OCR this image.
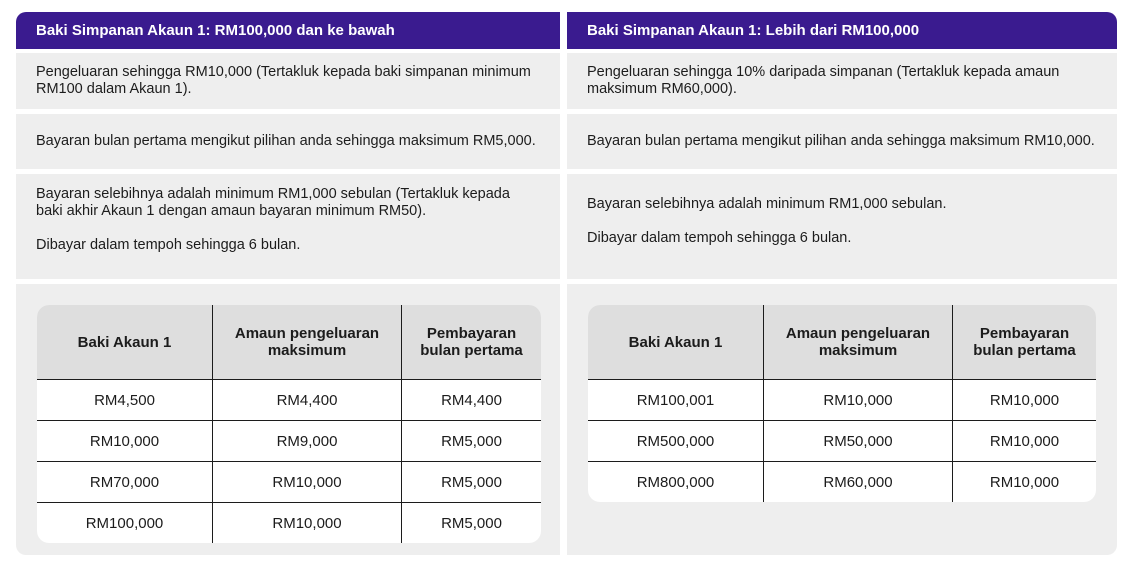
Baki Simpanan Akaun 1: RM100,000 dan ke bawah
Pengeluaran sehingga RM10,000 (Tertakluk kepada baki simpanan minimum RM100 dalam Akaun 1).
Bayaran bulan pertama mengikut pilihan anda sehingga maksimum RM5,000.

Bayaran selebihnya adalah minimum RM1,000 sebulan (Tertakluk kepada baki akhir Akaun 1 dengan amaun bayaran minimum RM50).

Dibayar dalam tempoh sehingga 6 bulan.

Baki Akaun 1	Amaun pengeluaran maksimum	Pembayaran bulan pertama
RM4,500	RM4,400	RM4,400
RM10,000	RM9,000	RM5,000
RM70,000	RM10,000	RM5,000
RM100,000	RM10,000	RM5,000
Baki Simpanan Akaun 1: Lebih dari RM100,000
Pengeluaran sehingga 10% daripada simpanan (Tertakluk kepada amaun maksimum RM60,000).
Bayaran bulan pertama mengikut pilihan anda sehingga maksimum RM10,000.

Bayaran selebihnya adalah minimum RM1,000 sebulan.

Dibayar dalam tempoh sehingga 6 bulan.

Baki Akaun 1	Amaun pengeluaran maksimum	Pembayaran bulan pertama
RM100,001	RM10,000	RM10,000
RM500,000	RM50,000	RM10,000
RM800,000	RM60,000	RM10,000
